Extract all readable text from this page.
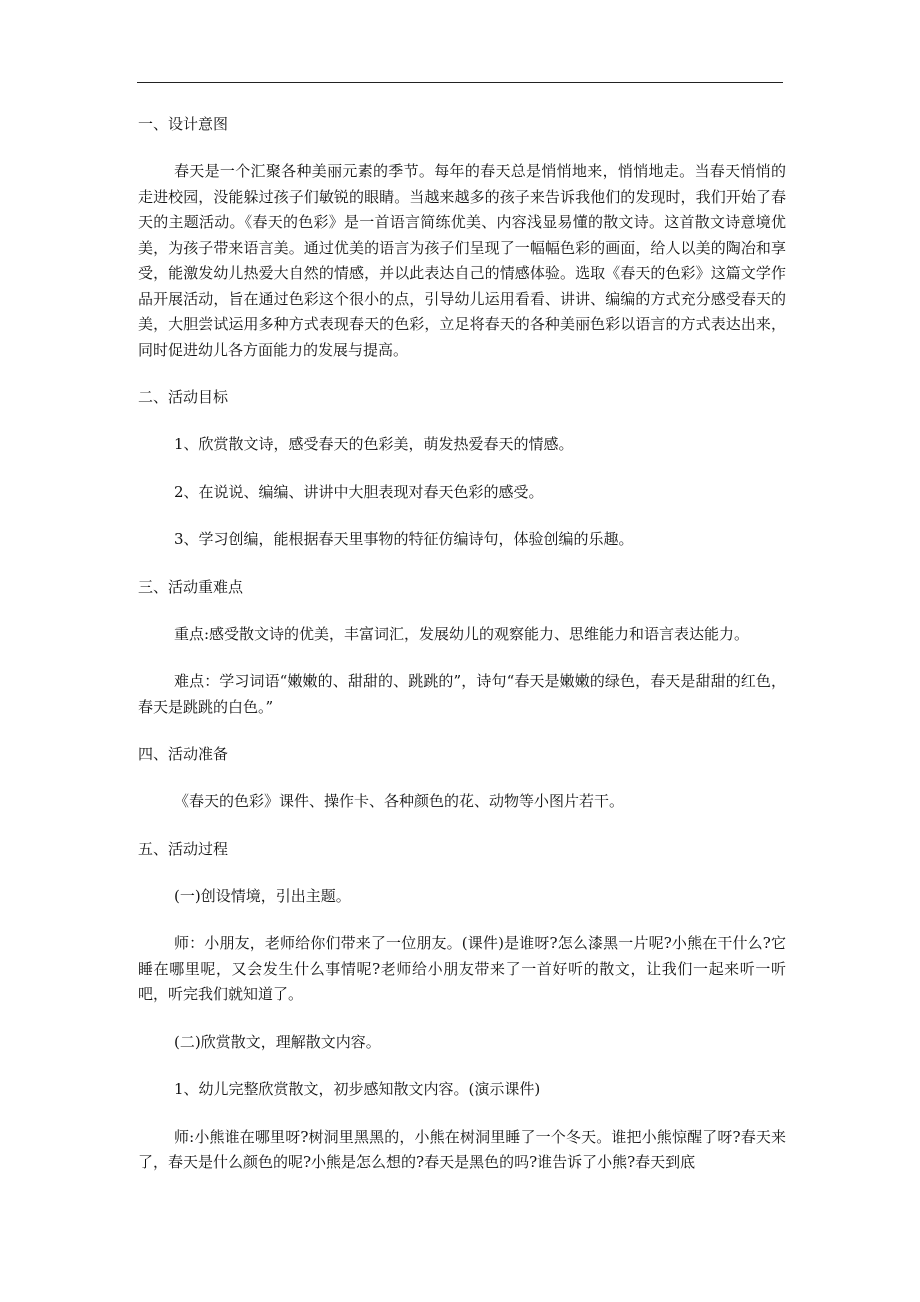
一、设计意图
春天是一个汇聚各种美丽元素的季节。每年的春天总是悄悄地来，悄悄地走。当春天悄悄的走进校园，没能躲过孩子们敏锐的眼睛。当越来越多的孩子来告诉我他们的发现时，我们开始了春天的主题活动。《春天的色彩》是一首语言简练优美、内容浅显易懂的散文诗。这首散文诗意境优美，为孩子带来语言美。通过优美的语言为孩子们呈现了一幅幅色彩的画面，给人以美的陶冶和享受，能激发幼儿热爱大自然的情感，并以此表达自己的情感体验。选取《春天的色彩》这篇文学作品开展活动，旨在通过色彩这个很小的点，引导幼儿运用看看、讲讲、编编的方式充分感受春天的美，大胆尝试运用多种方式表现春天的色彩，立足将春天的各种美丽色彩以语言的方式表达出来，同时促进幼儿各方面能力的发展与提高。
二、活动目标
1、欣赏散文诗，感受春天的色彩美，萌发热爱春天的情感。
2、在说说、编编、讲讲中大胆表现对春天色彩的感受。
3、学习创编，能根据春天里事物的特征仿编诗句，体验创编的乐趣。
三、活动重难点
重点:感受散文诗的优美，丰富词汇，发展幼儿的观察能力、思维能力和语言表达能力。
难点：学习词语“嫩嫩的、甜甜的、跳跳的”，诗句“春天是嫩嫩的绿色，春天是甜甜的红色，春天是跳跳的白色。”
四、活动准备
《春天的色彩》课件、操作卡、各种颜色的花、动物等小图片若干。
五、活动过程
(一)创设情境，引出主题。
师：小朋友，老师给你们带来了一位朋友。(课件)是谁呀?怎么漆黑一片呢?小熊在干什么?它睡在哪里呢，又会发生什么事情呢?老师给小朋友带来了一首好听的散文，让我们一起来听一听吧，听完我们就知道了。
(二)欣赏散文，理解散文内容。
1、幼儿完整欣赏散文，初步感知散文内容。(演示课件)
师:小熊谁在哪里呀?树洞里黑黑的，小熊在树洞里睡了一个冬天。谁把小熊惊醒了呀?春天来了，春天是什么颜色的呢?小熊是怎么想的?春天是黑色的吗?谁告诉了小熊?春天到底
